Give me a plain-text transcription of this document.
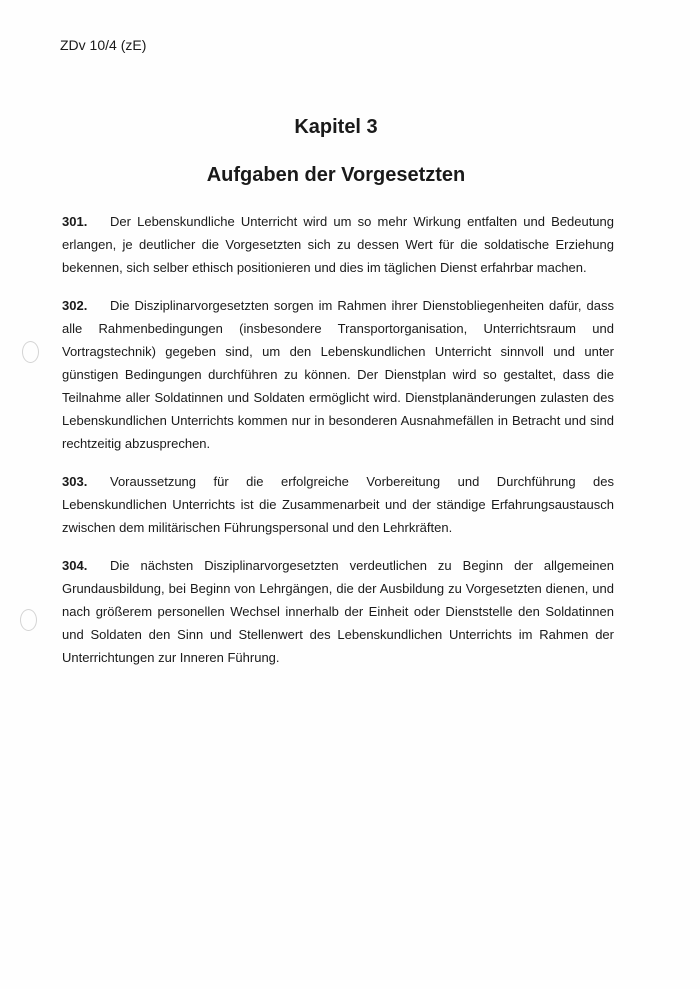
ZDv 10/4 (zE)
Kapitel 3
Aufgaben der Vorgesetzten

301. Der Lebenskundliche Unterricht wird um so mehr Wirkung entfalten und Bedeutung erlangen, je deutlicher die Vorgesetzten sich zu dessen Wert für die soldatische Erziehung bekennen, sich selber ethisch positionieren und dies im täglichen Dienst erfahrbar machen.

302. Die Disziplinarvorgesetzten sorgen im Rahmen ihrer Dienstobliegenheiten dafür, dass alle Rahmenbedingungen (insbesondere Transportorganisation, Unterrichtsraum und Vortragstechnik) gegeben sind, um den Lebenskundlichen Unterricht sinnvoll und unter günstigen Bedingungen durchführen zu können. Der Dienstplan wird so gestaltet, dass die Teilnahme aller Soldatinnen und Soldaten ermöglicht wird. Dienstplanänderungen zulasten des Lebenskundlichen Unterrichts kommen nur in besonderen Ausnahmefällen in Betracht und sind rechtzeitig abzusprechen.

303. Voraussetzung für die erfolgreiche Vorbereitung und Durchführung des Lebenskundlichen Unterrichts ist die Zusammenarbeit und der ständige Erfahrungsaustausch zwischen dem militärischen Führungspersonal und den Lehrkräften.

304. Die nächsten Disziplinarvorgesetzten verdeutlichen zu Beginn der allgemeinen Grundausbildung, bei Beginn von Lehrgängen, die der Ausbildung zu Vorgesetzten dienen, und nach größerem personellen Wechsel innerhalb der Einheit oder Dienststelle den Soldatinnen und Soldaten den Sinn und Stellenwert des Lebenskundlichen Unterrichts im Rahmen der Unterrichtungen zur Inneren Führung.
